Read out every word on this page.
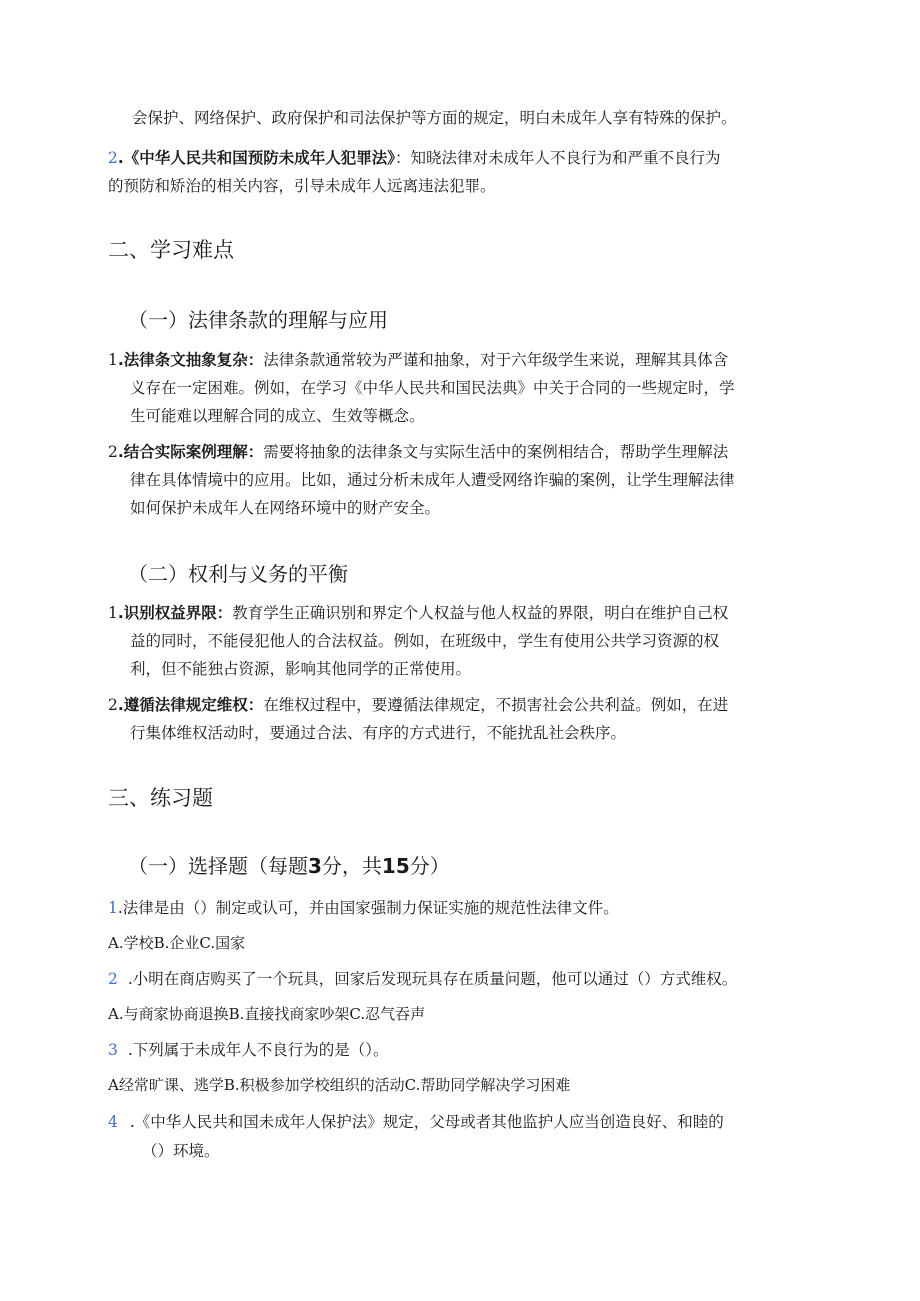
会保护、网络保护、政府保护和司法保护等方面的规定，明白未成年人享有特殊的保护。
2.《中华人民共和国预防未成年人犯罪法》：知晓法律对未成年人不良行为和严重不良行为
的预防和矫治的相关内容，引导未成年人远离违法犯罪。
二、学习难点
（一）法律条款的理解与应用
1.法律条文抽象复杂：法律条款通常较为严谨和抽象，对于六年级学生来说，理解其具体含
义存在一定困难。例如，在学习《中华人民共和国民法典》中关于合同的一些规定时，学
生可能难以理解合同的成立、生效等概念。
2.结合实际案例理解：需要将抽象的法律条文与实际生活中的案例相结合，帮助学生理解法
律在具体情境中的应用。比如，通过分析未成年人遭受网络诈骗的案例，让学生理解法律
如何保护未成年人在网络环境中的财产安全。
（二）权利与义务的平衡
1.识别权益界限：教育学生正确识别和界定个人权益与他人权益的界限，明白在维护自己权
益的同时，不能侵犯他人的合法权益。例如，在班级中，学生有使用公共学习资源的权
利，但不能独占资源，影响其他同学的正常使用。
2.遵循法律规定维权：在维权过程中，要遵循法律规定，不损害社会公共利益。例如，在进
行集体维权活动时，要通过合法、有序的方式进行，不能扰乱社会秩序。
三、练习题
（一）选择题（每题3分，共15分）
1.法律是由（）制定或认可，并由国家强制力保证实施的规范性法律文件。
A.学校B.企业C.国家
2 .小明在商店购买了一个玩具，回家后发现玩具存在质量问题，他可以通过（）方式维权。
A.与商家协商退换B.直接找商家吵架C.忍气吞声
3 .下列属于未成年人不良行为的是（）。
A经常旷课、逃学B.积极参加学校组织的活动C.帮助同学解决学习困难
4 .《中华人民共和国未成年人保护法》规定，父母或者其他监护人应当创造良好、和睦的
（）环境。
